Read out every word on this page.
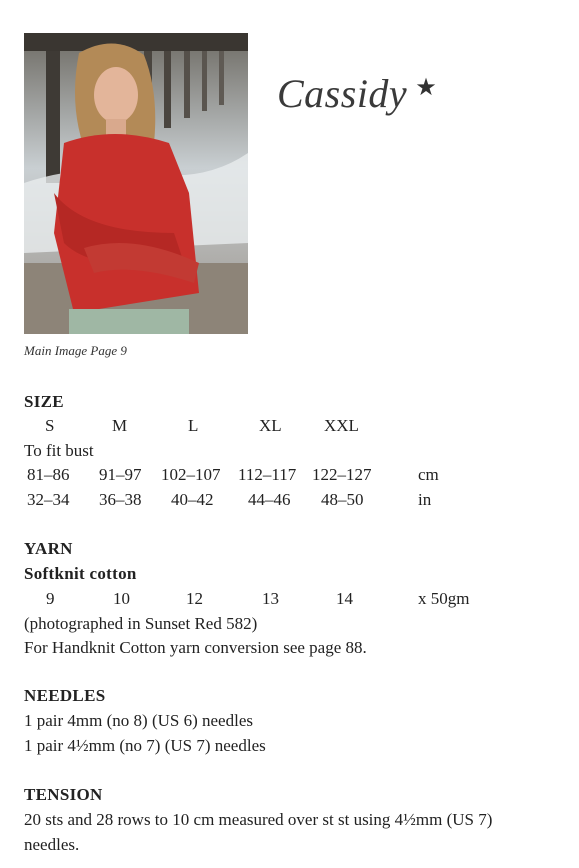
Cassidy ★
Main Image Page 9
SIZE
S	M	L	XL XXL
To fit bust
81–86 91–97 102–107 112–117 122–127	cm
32–34 36–38 40–42 44–46 48–50	in
YARN
Softknit cotton
9	10	12	13	14	x 50gm
(photographed in Sunset Red 582)
For Handknit Cotton yarn conversion see page 88.
NEEDLES
1 pair 4mm (no 8) (US 6) needles
1 pair 4½mm (no 7) (US 7) needles
TENSION
20 sts and 28 rows to 10 cm measured over st st using 4½mm (US 7)
needles.
